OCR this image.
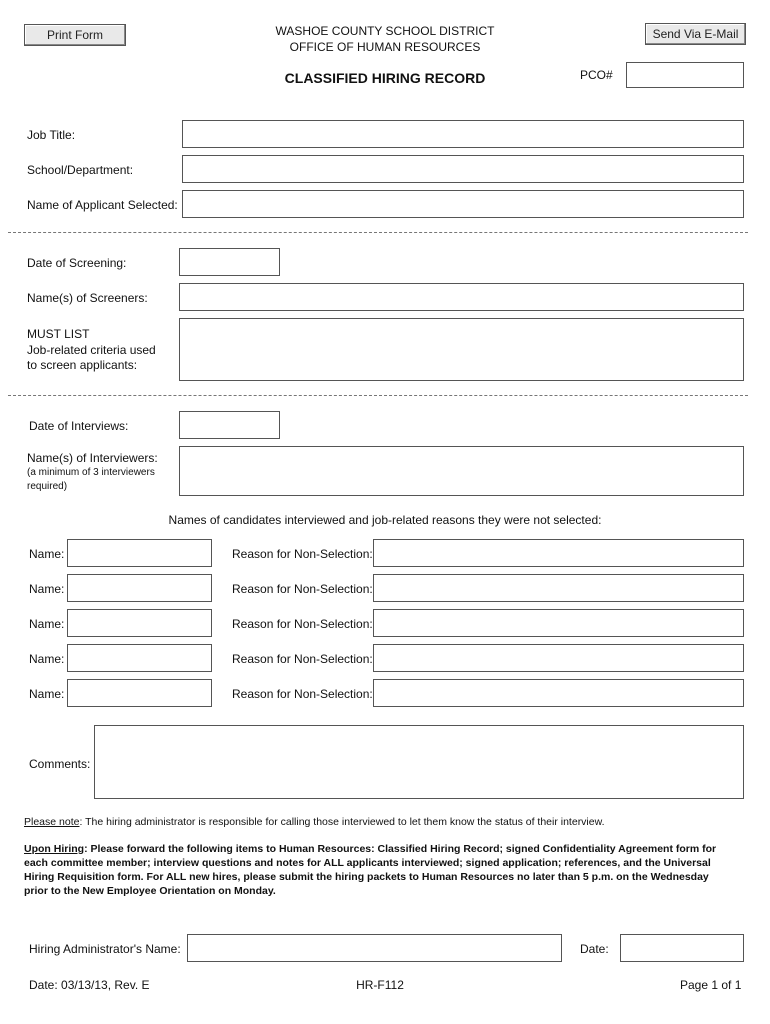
Print Form	Send Via E-Mail
WASHOE COUNTY SCHOOL DISTRICT
OFFICE OF HUMAN RESOURCES
CLASSIFIED HIRING RECORD	PCO#
Job Title:
School/Department:
Name of Applicant Selected:
Date of Screening:
Name(s) of Screeners:
MUST LIST
Job-related criteria used
to screen applicants:
Date of Interviews:
Name(s) of Interviewers:
(a minimum of 3 interviewers
required)
Names of candidates interviewed and job-related reasons they were not selected:
Name:	Reason for Non-Selection:
Name:	Reason for Non-Selection:
Name:	Reason for Non-Selection:
Name:	Reason for Non-Selection:
Name:	Reason for Non-Selection:
Comments:
Please note: The hiring administrator is responsible for calling those interviewed to let them know the status of their interview.
Upon Hiring: Please forward the following items to Human Resources: Classified Hiring Record; signed Confidentiality Agreement form for each committee member; interview questions and notes for ALL applicants interviewed; signed application; references, and the Universal Hiring Requisition form. For ALL new hires, please submit the hiring packets to Human Resources no later than 5 p.m. on the Wednesday prior to the New Employee Orientation on Monday.
Hiring Administrator's Name:	Date:
Date: 03/13/13, Rev. E	HR-F112	Page 1 of 1
